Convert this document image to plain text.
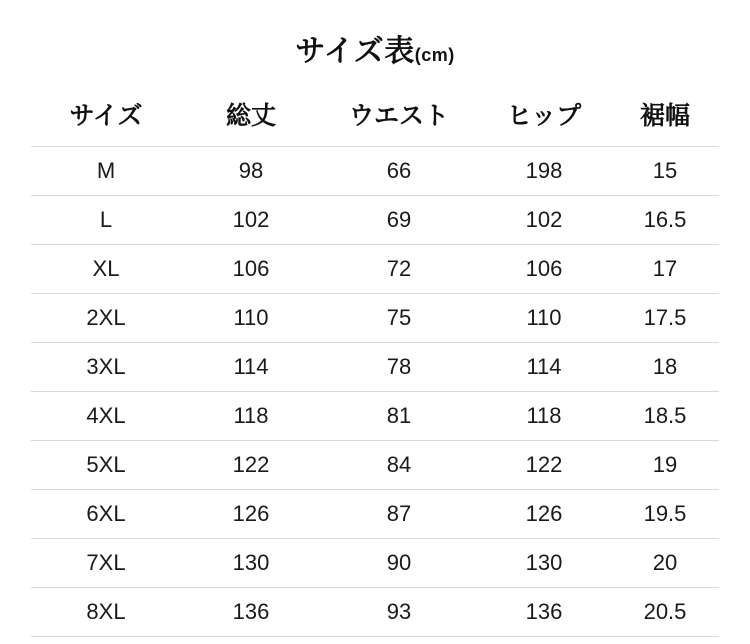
サイズ表(cm)
サイズ	総丈	ウエスト	ヒップ	裾幅
M	98	66	198	15
L	102	69	102	16.5
XL	106	72	106	17
2XL	110	75	110	17.5
3XL	114	78	114	18
4XL	118	81	118	18.5
5XL	122	84	122	19
6XL	126	87	126	19.5
7XL	130	90	130	20
8XL	136	93	136	20.5
